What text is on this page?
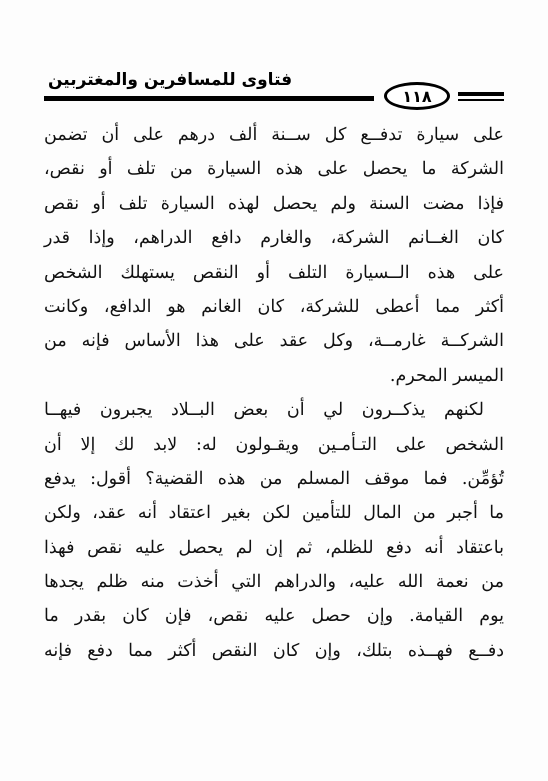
فتاوى للمسافرين والمغتربين
١١٨
على سيارة تدفــع كل ســنة ألف درهم على أن تضمن
الشركة ما يحصل على هذه السيارة من تلف أو نقص،
فإذا مضت السنة ولم يحصل لهذه السيارة تلف أو نقص
كان الغــانم الشركة، والغارم دافع الدراهم، وإذا قدر
على هذه الــسيارة التلف أو النقص يستهلك الشخص
أكثر مما أعطى للشركة، كان الغانم هو الدافع، وكانت
الشركــة غارمــة، وكل عقد على هذا الأساس فإنه من
الميسر المحرم.
لكنهم يذكــرون لي أن بعض البــلاد يجبرون فيهــا
الشخص على التـأمـين ويقـولون له: لابد لك إلا أن
تُؤمِّن. فما موقف المسلم من هذه القضية؟ أقول: يدفع
ما أجبر من المال للتأمين لكن بغير اعتقاد أنه عقد، ولكن
باعتقاد أنه دفع للظلم، ثم إن لم يحصل عليه نقص فهذا
من نعمة الله عليه، والدراهم التي أخذت منه ظلم يجدها
يوم القيامة. وإن حصل عليه نقص، فإن كان بقدر ما
دفــع فهــذه بتلك، وإن كان النقص أكثر مما دفع فإنه
